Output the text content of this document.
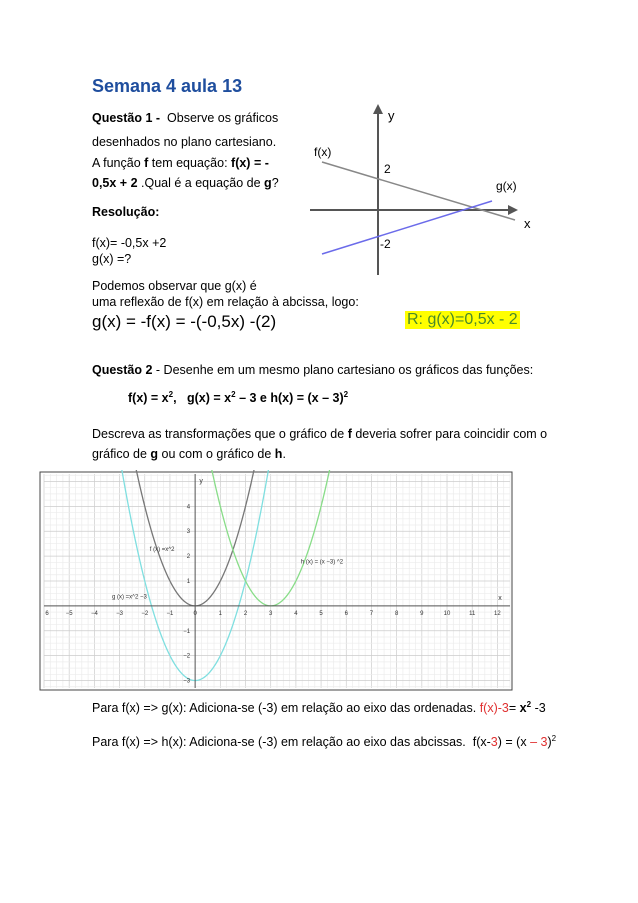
Semana 4 aula 13
Questão 1 - Observe os gráficos
desenhados no plano cartesiano.
A função f tem equação: f(x) = -
0,5x + 2 .Qual é a equação de g?
Resolução:
f(x)= -0,5x +2
g(x) =?
Podemos observar que g(x) é
uma reflexão de f(x) em relação à abcissa, logo:
g(x) = -f(x) = -(-0,5x) -(2)	R: g(x)=0,5x - 2
y
x
f(x)
g(x)
2
-2
Questão 2 - Desenhe em um mesmo plano cartesiano os gráficos das funções:
$f(x) = x^2$, $g(x) = x^2 - 3$ e h(x) = (x – 3)$^2$
Descreva as transformações que o gráfico de f deveria sofrer para coincidir com o
gráfico de g ou com o gráfico de h.
6	−5	−4	−3	−2	−1	0	1	2	3	4	5	6	7	8	9	10	11	12
4
3
2
1
−1
−2
−3
x
y
f (x) =x^2
g (x) =x^2 −3
h (x) = (x −3) ^2
Para f(x) => g(x): Adiciona-se (-3) em relação ao eixo das ordenadas. $f(x)-3= x^2$ -3
Para f(x) => h(x): Adiciona-se (-3) em relação ao eixo das abcissas. f(x-3) = (x – 3)$^2$
